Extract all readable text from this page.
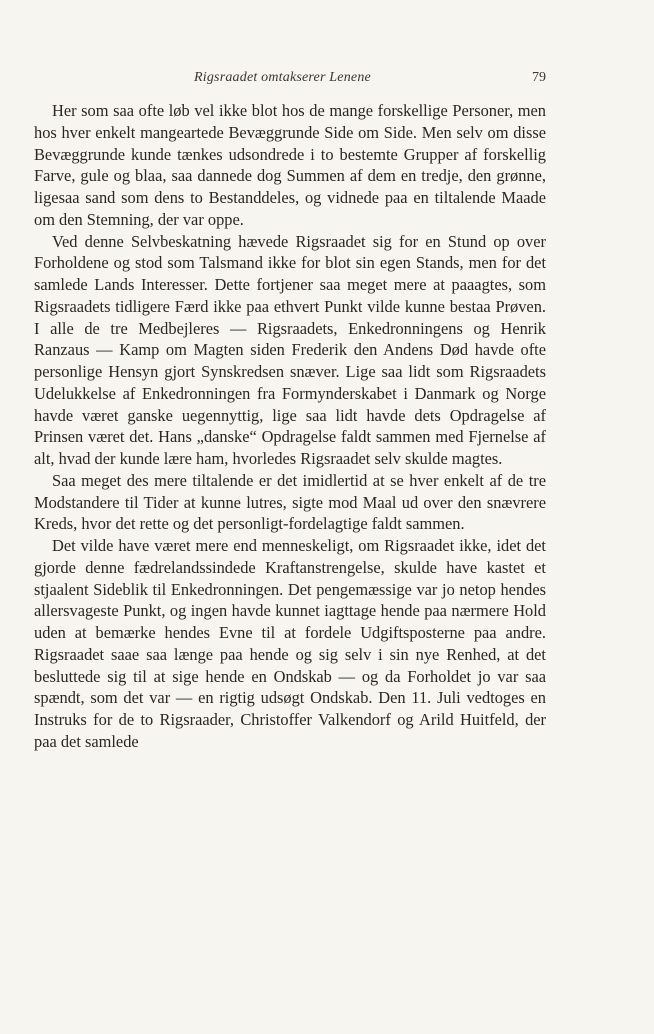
Rigsraadet omtakserer Lenene	79

Her som saa ofte løb vel ikke blot hos de mange forskellige Personer, men hos hver enkelt mangeartede Bevæggrunde Side om Side. Men selv om disse Bevæggrunde kunde tænkes udsondrede i to bestemte Grupper af forskellig Farve, gule og blaa, saa dannede dog Summen af dem en tredje, den grønne, ligesaa sand som dens to Bestanddeles, og vidnede paa en tiltalende Maade om den Stemning, der var oppe.

Ved denne Selvbeskatning hævede Rigsraadet sig for en Stund op over Forholdene og stod som Talsmand ikke for blot sin egen Stands, men for det samlede Lands Interesser. Dette fortjener saa meget mere at paaagtes, som Rigsraadets tidligere Færd ikke paa ethvert Punkt vilde kunne bestaa Prøven. I alle de tre Medbejleres — Rigsraadets, Enkedronningens og Henrik Ranzaus — Kamp om Magten siden Frederik den Andens Død havde ofte personlige Hensyn gjort Synskredsen snæver. Lige saa lidt som Rigsraadets Udelukkelse af Enkedronningen fra Formynderskabet i Danmark og Norge havde været ganske uegennyttig, lige saa lidt havde dets Opdragelse af Prinsen været det. Hans „danske“ Opdragelse faldt sammen med Fjernelse af alt, hvad der kunde lære ham, hvorledes Rigsraadet selv skulde magtes.

Saa meget des mere tiltalende er det imidlertid at se hver enkelt af de tre Modstandere til Tider at kunne lutres, sigte mod Maal ud over den snævrere Kreds, hvor det rette og det personligt-fordelagtige faldt sammen.

Det vilde have været mere end menneskeligt, om Rigsraadet ikke, idet det gjorde denne fædrelandssindede Kraftanstrengelse, skulde have kastet et stjaalent Sideblik til Enkedronningen. Det pengemæssige var jo netop hendes allersvageste Punkt, og ingen havde kunnet iagttage hende paa nærmere Hold uden at bemærke hendes Evne til at fordele Udgiftsposterne paa andre. Rigsraadet saae saa længe paa hende og sig selv i sin nye Renhed, at det besluttede sig til at sige hende en Ondskab — og da Forholdet jo var saa spændt, som det var — en rigtig udsøgt Ondskab. Den 11. Juli vedtoges en Instruks for de to Rigsraader, Christoffer Valkendorf og Arild Huitfeld, der paa det samlede
